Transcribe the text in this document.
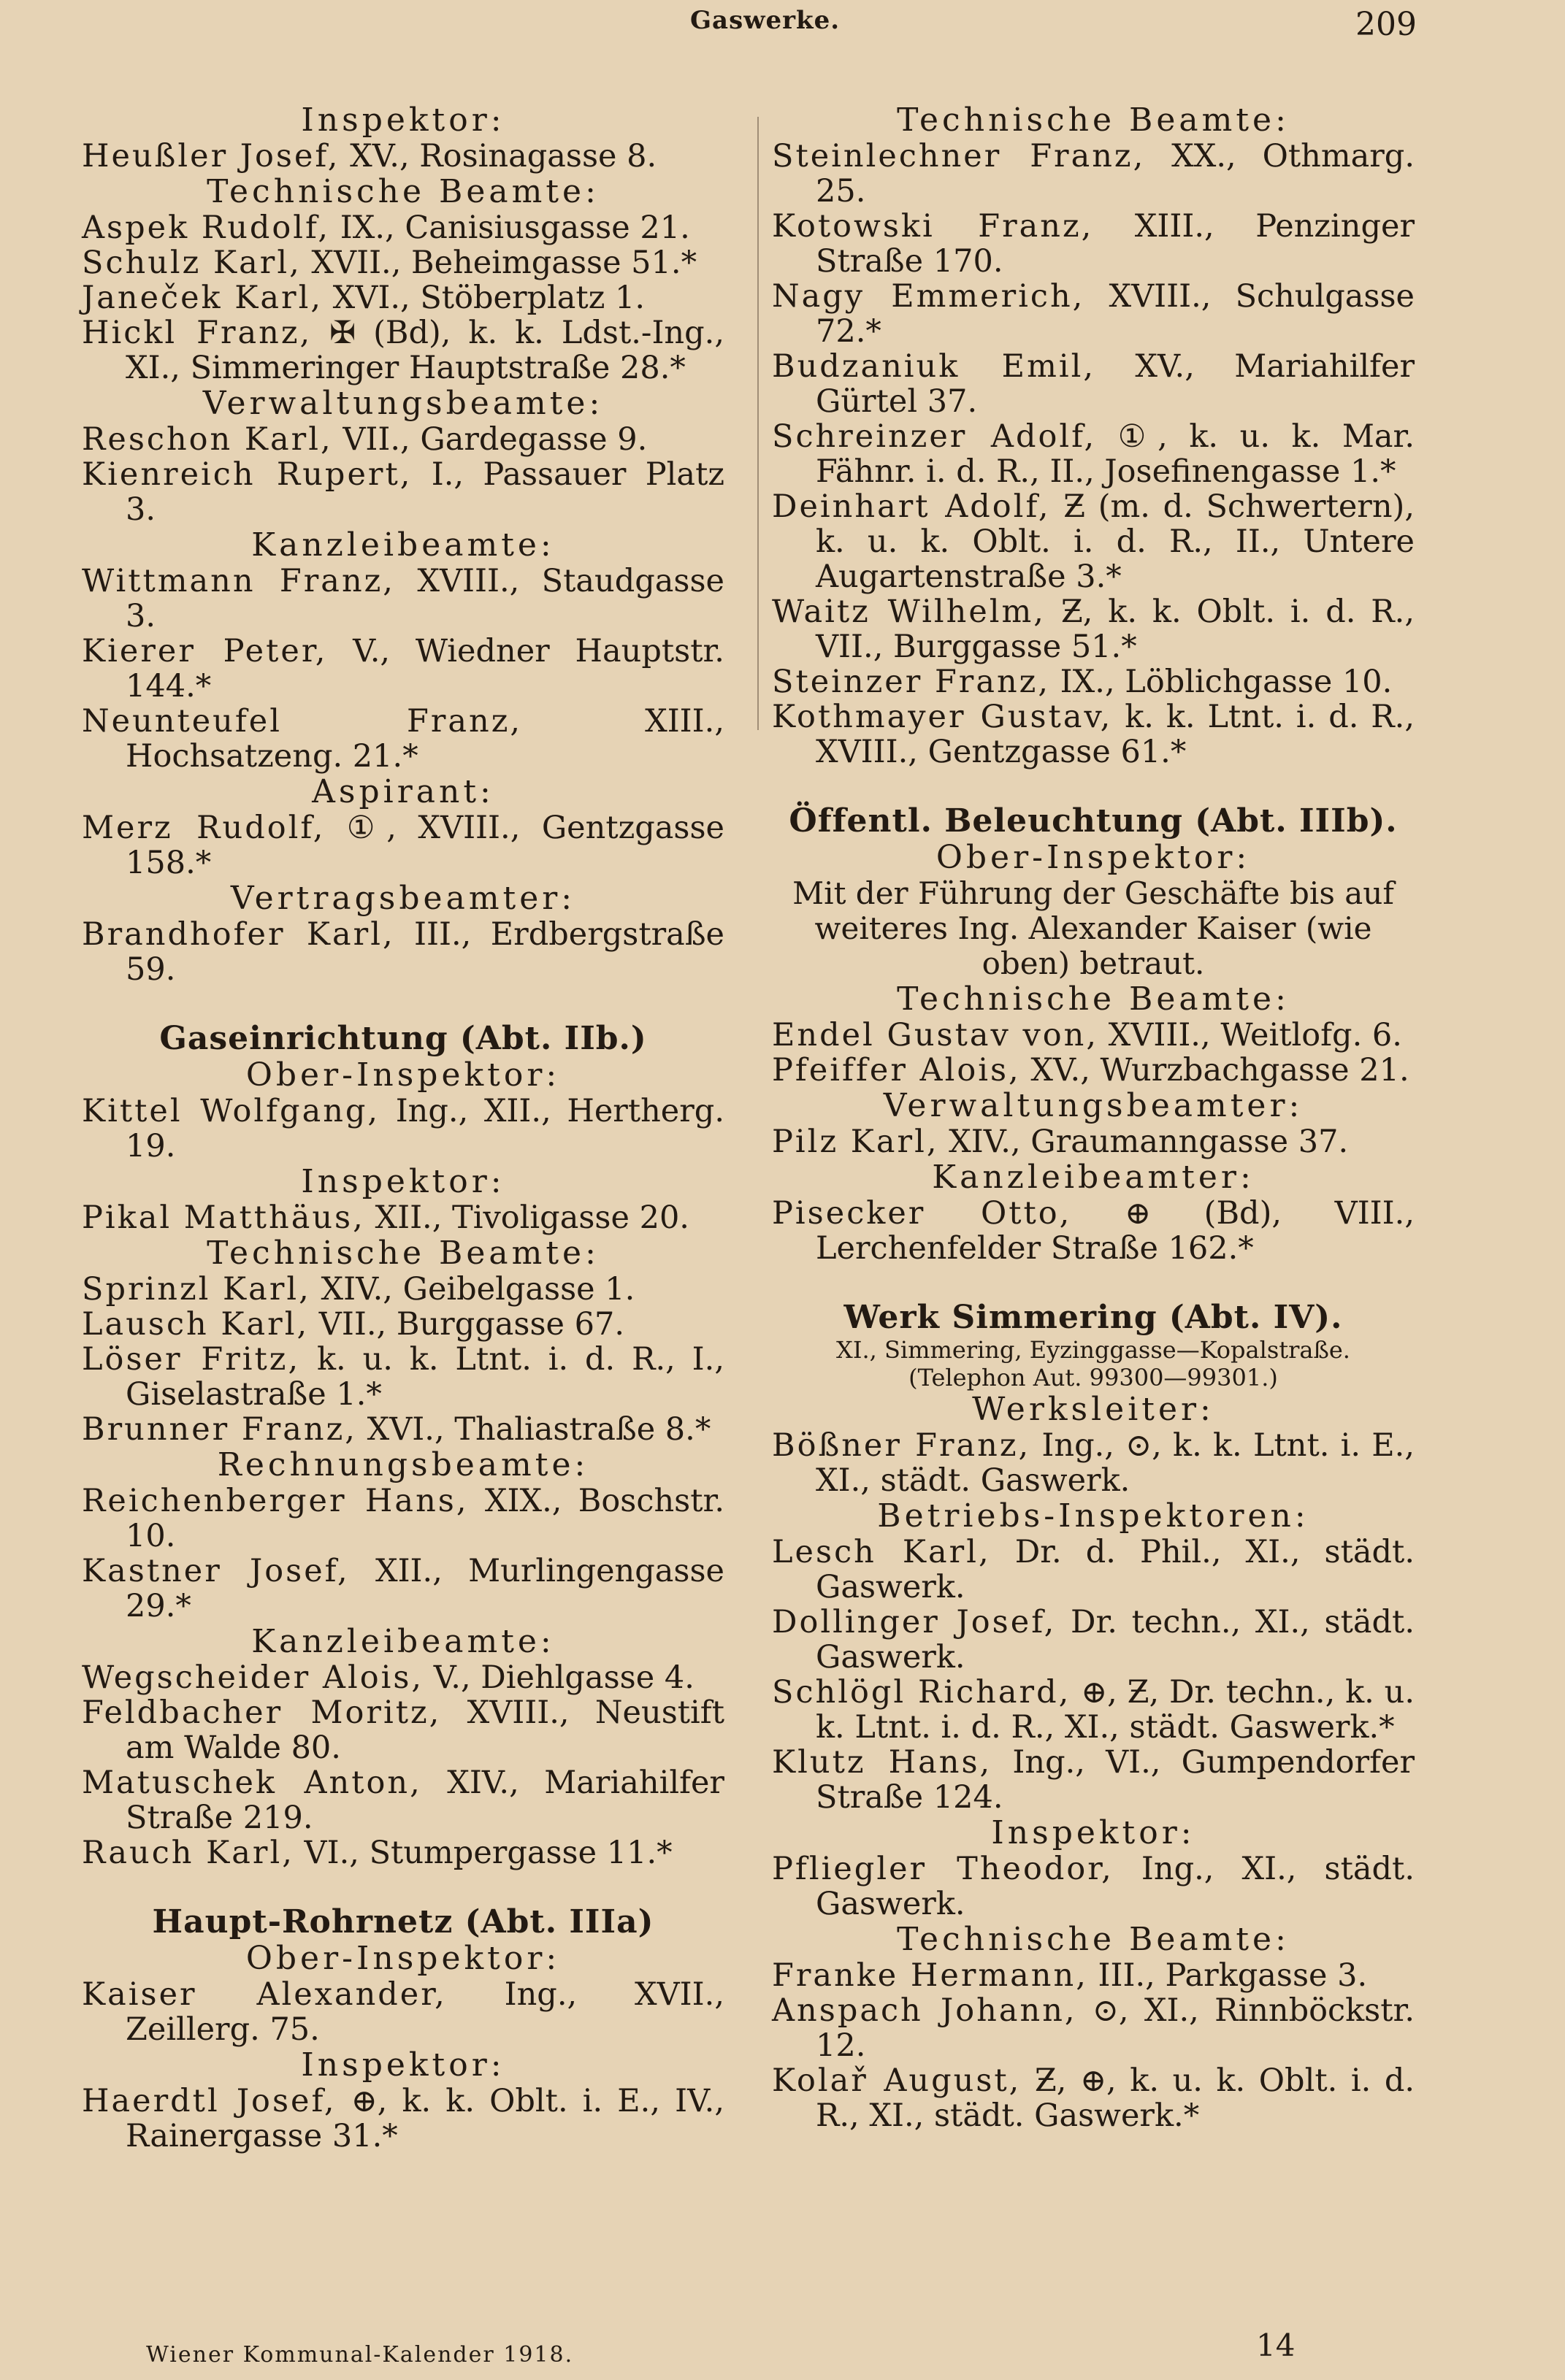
Gaswerke.	209
Inspektor:
Heußler Josef, XV., Rosinagasse 8.
Technische Beamte:
Aspek Rudolf, IX., Canisiusgasse 21.
Schulz Karl, XVII., Beheimgasse 51.*
Janeček Karl, XVI., Stöberplatz 1.
Hickl Franz, ✠ (Bd), k. k. Ldst.-Ing., XI., Simmeringer Hauptstraße 28.*
Verwaltungsbeamte:
Reschon Karl, VII., Gardegasse 9.
Kienreich Rupert, I., Passauer Platz 3.
Kanzleibeamte:
Wittmann Franz, XVIII., Staudgasse 3.
Kierer Peter, V., Wiedner Hauptstr. 144.*
Neunteufel Franz, XIII., Hochsatzeng. 21.*
Aspirant:
Merz Rudolf, ①, XVIII., Gentzgasse 158.*
Vertragsbeamter:
Brandhofer Karl, III., Erdbergstraße 59.
Gaseinrichtung (Abt. IIb.)
Ober-Inspektor:
Kittel Wolfgang, Ing., XII., Hertherg. 19.
Inspektor:
Pikal Matthäus, XII., Tivoligasse 20.
Technische Beamte:
Sprinzl Karl, XIV., Geibelgasse 1.
Lausch Karl, VII., Burggasse 67.
Löser Fritz, k. u. k. Ltnt. i. d. R., I., Giselastraße 1.*
Brunner Franz, XVI., Thaliastraße 8.*
Rechnungsbeamte:
Reichenberger Hans, XIX., Boschstr. 10.
Kastner Josef, XII., Murlingengasse 29.*
Kanzleibeamte:
Wegscheider Alois, V., Diehlgasse 4.
Feldbacher Moritz, XVIII., Neustift am Walde 80.
Matuschek Anton, XIV., Mariahilfer Straße 219.
Rauch Karl, VI., Stumpergasse 11.*
Haupt-Rohrnetz (Abt. IIIa)
Ober-Inspektor:
Kaiser Alexander, Ing., XVII., Zeillerg. 75.
Inspektor:
Haerdtl Josef, ⊕, k. k. Oblt. i. E., IV., Rainergasse 31.*
Technische Beamte:
Steinlechner Franz, XX., Othmarg. 25.
Kotowski Franz, XIII., Penzinger Straße 170.
Nagy Emmerich, XVIII., Schulgasse 72.*
Budzaniuk Emil, XV., Mariahilfer Gürtel 37.
Schreinzer Adolf, ①, k. u. k. Mar. Fähnr. i. d. R., II., Josefinengasse 1.*
Deinhart Adolf, Ƶ (m. d. Schwertern), k. u. k. Oblt. i. d. R., II., Untere Augartenstraße 3.*
Waitz Wilhelm, Ƶ, k. k. Oblt. i. d. R., VII., Burggasse 51.*
Steinzer Franz, IX., Löblichgasse 10.
Kothmayer Gustav, k. k. Ltnt. i. d. R., XVIII., Gentzgasse 61.*
Öffentl. Beleuchtung (Abt. IIIb).
Ober-Inspektor:
Mit der Führung der Geschäfte bis auf weiteres Ing. Alexander Kaiser (wie oben) betraut.
Technische Beamte:
Endel Gustav von, XVIII., Weitlofg. 6.
Pfeiffer Alois, XV., Wurzbachgasse 21.
Verwaltungsbeamter:
Pilz Karl, XIV., Graumanngasse 37.
Kanzleibeamter:
Pisecker Otto, ⊕ (Bd), VIII., Lerchenfelder Straße 162.*
Werk Simmering (Abt. IV).
XI., Simmering, Eyzinggasse—Kopalstraße.
(Telephon Aut. 99300—99301.)
Werksleiter:
Bößner Franz, Ing., ⊙, k. k. Ltnt. i. E., XI., städt. Gaswerk.
Betriebs-Inspektoren:
Lesch Karl, Dr. d. Phil., XI., städt. Gaswerk.
Dollinger Josef, Dr. techn., XI., städt. Gaswerk.
Schlögl Richard, ⊕, Ƶ, Dr. techn., k. u. k. Ltnt. i. d. R., XI., städt. Gaswerk.*
Klutz Hans, Ing., VI., Gumpendorfer Straße 124.
Inspektor:
Pfliegler Theodor, Ing., XI., städt. Gaswerk.
Technische Beamte:
Franke Hermann, III., Parkgasse 3.
Anspach Johann, ⊙, XI., Rinnböckstr. 12.
Kolař August, Ƶ, ⊕, k. u. k. Oblt. i. d. R., XI., städt. Gaswerk.*
Wiener Kommunal-Kalender 1918.	14
